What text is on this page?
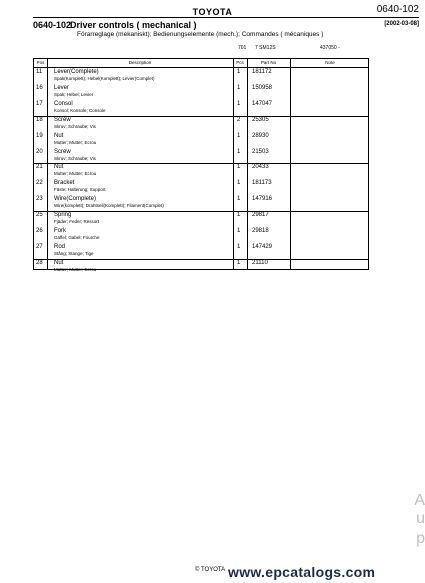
TOYOTA	0640-102
0640-102
Driver controls ( mechanical )	[2002-03-08]
Förarreglage (mekaniskt); Bedienungselemente (mech.); Commandes ( mécaniques )
701 7 SM12S	437050 -
Pos	Description	Pcs	Part No	Note
11 Lever(Complete)
Spak(Komplett); Hebel(Komplett); Levier(Complet)
1 181172
16 Lever
Spak; Hebel; Levier
1 150958
17 Consol
Konsol; Konsole; Console
1 147047
18 Screw
Skruv; Schraube; Vis
2 25305
19 Nut
Mutter; Mutter; Ecrou
1 28930
20 Screw
Skruv; Schraube; Vis
1 21503
21 Nut
Mutter; Mutter; Ecrou
1 20433
22 Bracket
Fäste; Halterung; Support
1 181173
23 Wire(Complete)
Wire(komplett); Drahtseil(Komplett); Filament(Complet)
1 147916
25 Spring
Fjäder; Feder; Ressort
1 29817
26 Fork
Gaffel; Gabel; Fourche
1 29818
27 Rod
Stång; Stange; Tige
1 147429
28 Nut
Mutter; Mutter; Ecrou
1 21110
© TOYOTA www.epcatalogs.com
A
u
p
